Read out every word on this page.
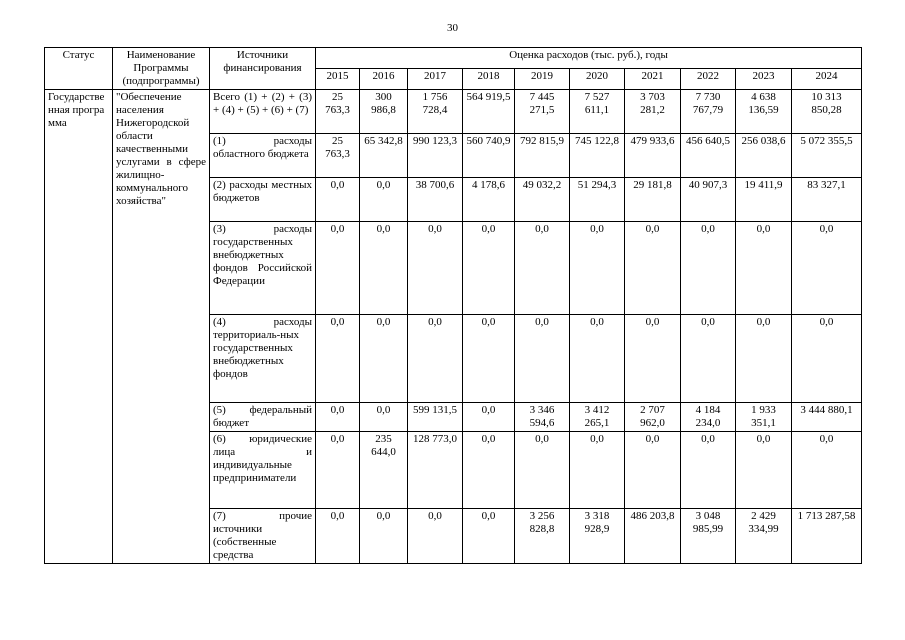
30
Статус	Наименование Программы (подпрограммы)	Источники финансирования	Оценка расходов (тыс. руб.), годы									
			2015	2016	2017	2018	2019	2020	2021	2022	2023	2024
Государственная программа	"Обеспечение населения Нижегородской области качественными услугами в сфере жилищно-коммунального хозяйства"	Всего (1) + (2) + (3) + (4) + (5) + (6) + (7)	25 763,3	300 986,8	1 756 728,4	564 919,5	7 445 271,5	7 527 611,1	3 703 281,2	7 730 767,79	4 638 136,59	10 313 850,28
		(1) расходы областного бюджета	25 763,3	65 342,8	990 123,3	560 740,9	792 815,9	745 122,8	479 933,6	456 640,5	256 038,6	5 072 355,5
		(2) расходы местных бюджетов	0,0	0,0	38 700,6	4 178,6	49 032,2	51 294,3	29 181,8	40 907,3	19 411,9	83 327,1
		(3) расходы государственных внебюджетных фондов Российской Федерации	0,0	0,0	0,0	0,0	0,0	0,0	0,0	0,0	0,0	0,0
		(4) расходы территориаль-ных государственных внебюджетных фондов	0,0	0,0	0,0	0,0	0,0	0,0	0,0	0,0	0,0	0,0
		(5) федеральный бюджет	0,0	0,0	599 131,5	0,0	3 346 594,6	3 412 265,1	2 707 962,0	4 184 234,0	1 933 351,1	3 444 880,1
		(6) юридические лица и индивидуальные предприниматели	0,0	235 644,0	128 773,0	0,0	0,0	0,0	0,0	0,0	0,0	0,0
		(7) прочие источники (собственные средства	0,0	0,0	0,0	0,0	3 256 828,8	3 318 928,9	486 203,8	3 048 985,99	2 429 334,99	1 713 287,58
